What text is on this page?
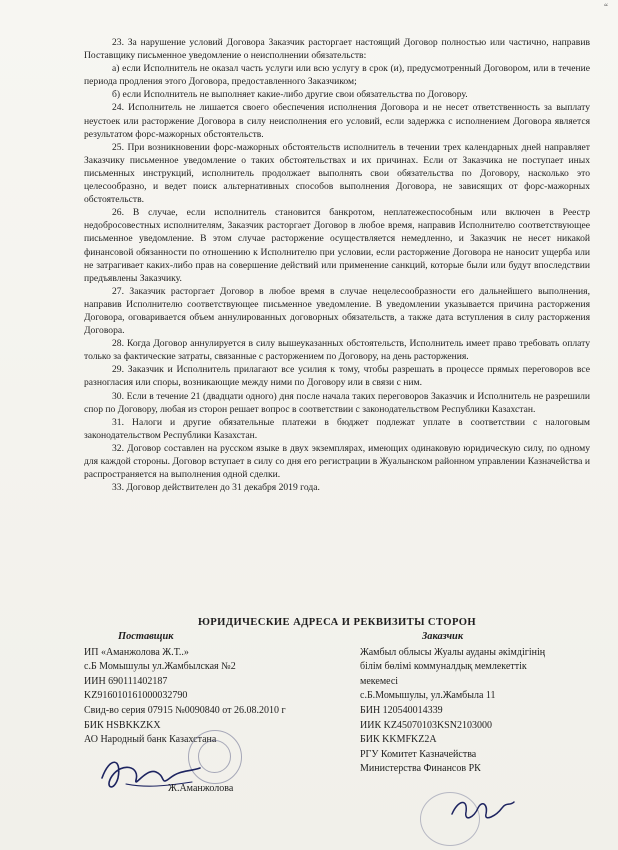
“

23. За нарушение условий Договора Заказчик расторгает настоящий Договор полностью или частично, направив Поставщику письменное уведомление о неисполнении обязательств:

а) если Исполнитель не оказал часть услуги или всю услугу в срок (и), предусмотренный Договором, или в течение периода продления этого Договора, предоставленного Заказчиком;

б) если Исполнитель не выполняет какие-либо другие свои обязательства по Договору.

24. Исполнитель не лишается своего обеспечения исполнения Договора и не несет ответственность за выплату неустоек или расторжение Договора в силу неисполнения его условий, если задержка с исполнением Договора является результатом форс-мажорных обстоятельств.

25. При возникновении форс-мажорных обстоятельств исполнитель в течении трех календарных дней направляет Заказчику письменное уведомление о таких обстоятельствах и их причинах. Если от Заказчика не поступает иных письменных инструкций, исполнитель продолжает выполнять свои обязательства по Договору, насколько это целесообразно, и ведет поиск альтернативных способов выполнения Договора, не зависящих от форс-мажорных обстоятельств.

26. В случае, если исполнитель становится банкротом, неплатежеспособным или включен в Реестр недобросовестных исполнителям, Заказчик расторгает Договор в любое время, направив Исполнителю соответствующее письменное уведомление. В этом случае расторжение осуществляется немедленно, и Заказчик не несет никакой финансовой обязанности по отношению к Исполнителю при условии, если расторжение Договора не наносит ущерба или не затрагивает каких-либо прав на совершение действий или применение санкций, которые были или будут впоследствии предъявлены Заказчику.

27. Заказчик расторгает Договор в любое время в случае нецелесообразности его дальнейшего выполнения, направив Исполнителю соответствующее письменное уведомление. В уведомлении указывается причина расторжения Договора, оговаривается объем аннулированных договорных обязательств, а также дата вступления в силу расторжения Договора.

28. Когда Договор аннулируется в силу вышеуказанных обстоятельств, Исполнитель имеет право требовать оплату только за фактические затраты, связанные с расторжением по Договору, на день расторжения.

29. Заказчик и Исполнитель прилагают все усилия к тому, чтобы разрешать в процессе прямых переговоров все разногласия или споры, возникающие между ними по Договору или в связи с ним.

30. Если в течение 21 (двадцати одного) дня после начала таких переговоров Заказчик и Исполнитель не разрешили спор по Договору, любая из сторон решает вопрос в соответствии с законодательством Республики Казахстан.

31. Налоги и другие обязательные платежи в бюджет подлежат уплате в соответствии с налоговым законодательством Республики Казахстан.

32. Договор составлен на русском языке в двух экземплярах, имеющих одинаковую юридическую силу, по одному для каждой стороны. Договор вступает в силу со дня его регистрации в Жуалынском районном управлении Казначейства и распространяется на выполнения одной сделки.

33. Договор действителен до 31 декабря 2019 года.

ЮРИДИЧЕСКИЕ АДРЕСА И РЕКВИЗИТЫ СТОРОН
Поставщик
ИП «Аманжолова Ж.Т..»
с.Б Момышулы ул.Жамбылская №2
ИИН 690111402187
KZ916010161000032790
Свид-во серия 07915 №0090840 от 26.08.2010 г
БИК HSBKKZKX
АО Народный банк Казахстана
Ж.Аманжолова
Заказчик
Жамбыл облысы Жуалы ауданы әкімдігінің
білім бөлімі коммуналдық мемлекеттік
мекемесі
с.Б.Момышулы, ул.Жамбыла 11
БИН 120540014339
ИИК KZ45070103KSN2103000
БИК KKMFKZ2A
РГУ Комитет Казначейства
Министерства Финансов РК
